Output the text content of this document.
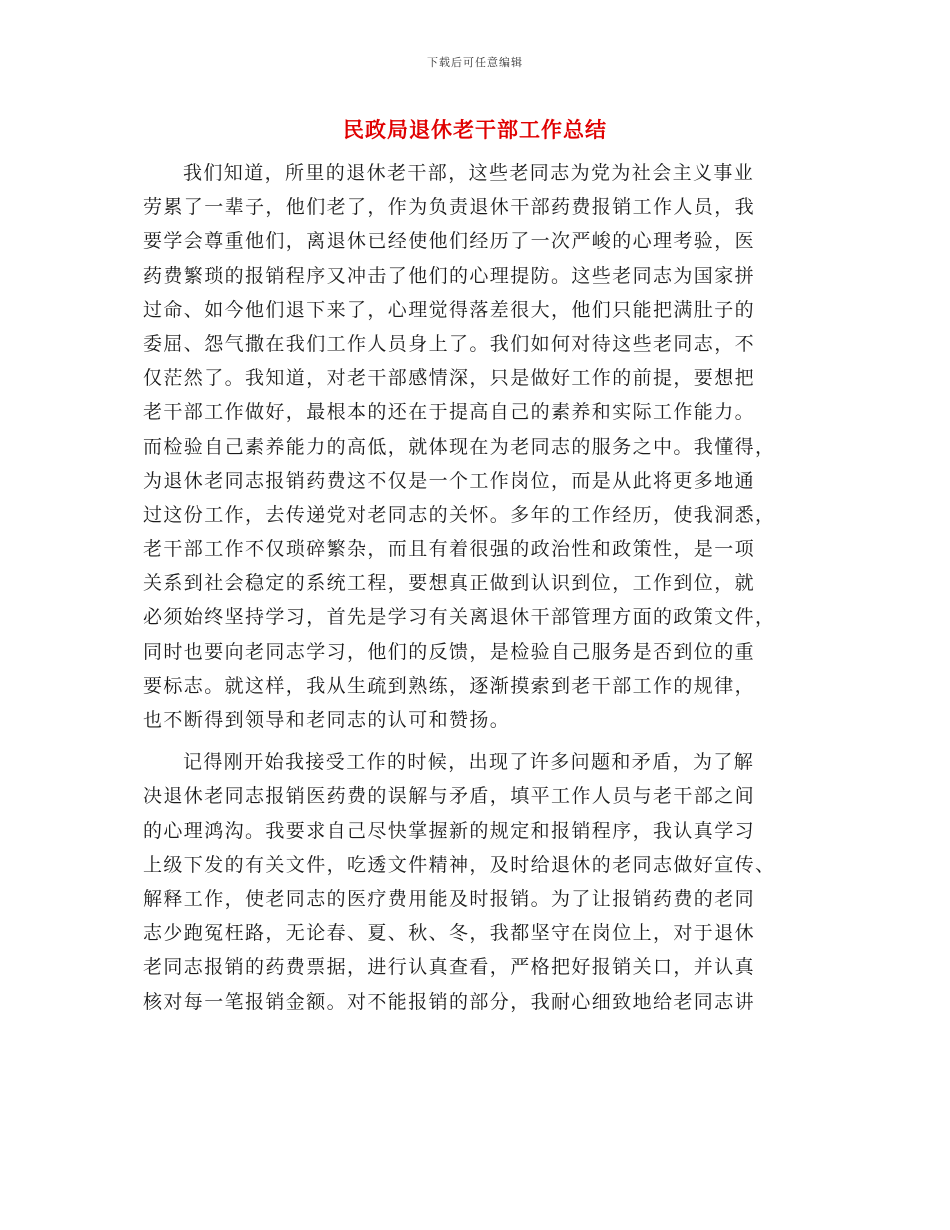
下载后可任意编辑
民政局退休老干部工作总结

我们知道，所里的退休老干部，这些老同志为党为社会主义事业
劳累了一辈子，他们老了，作为负责退休干部药费报销工作人员，我
要学会尊重他们，离退休已经使他们经历了一次严峻的心理考验，医
药费繁琐的报销程序又冲击了他们的心理提防。这些老同志为国家拼
过命、如今他们退下来了，心理觉得落差很大，他们只能把满肚子的
委屈、怨气撒在我们工作人员身上了。我们如何对待这些老同志，不
仅茫然了。我知道，对老干部感情深，只是做好工作的前提，要想把
老干部工作做好，最根本的还在于提高自己的素养和实际工作能力。
而检验自己素养能力的高低，就体现在为老同志的服务之中。我懂得，
为退休老同志报销药费这不仅是一个工作岗位，而是从此将更多地通
过这份工作，去传递党对老同志的关怀。多年的工作经历，使我洞悉，
老干部工作不仅琐碎繁杂，而且有着很强的政治性和政策性，是一项
关系到社会稳定的系统工程，要想真正做到认识到位，工作到位，就
必须始终坚持学习，首先是学习有关离退休干部管理方面的政策文件，
同时也要向老同志学习，他们的反馈，是检验自己服务是否到位的重
要标志。就这样，我从生疏到熟练，逐渐摸索到老干部工作的规律，
也不断得到领导和老同志的认可和赞扬。

记得刚开始我接受工作的时候，出现了许多问题和矛盾，为了解
决退休老同志报销医药费的误解与矛盾，填平工作人员与老干部之间
的心理鸿沟。我要求自己尽快掌握新的规定和报销程序，我认真学习
上级下发的有关文件，吃透文件精神，及时给退休的老同志做好宣传、
解释工作，使老同志的医疗费用能及时报销。为了让报销药费的老同
志少跑冤枉路，无论春、夏、秋、冬，我都坚守在岗位上，对于退休
老同志报销的药费票据，进行认真查看，严格把好报销关口，并认真
核对每一笔报销金额。对不能报销的部分，我耐心细致地给老同志讲
